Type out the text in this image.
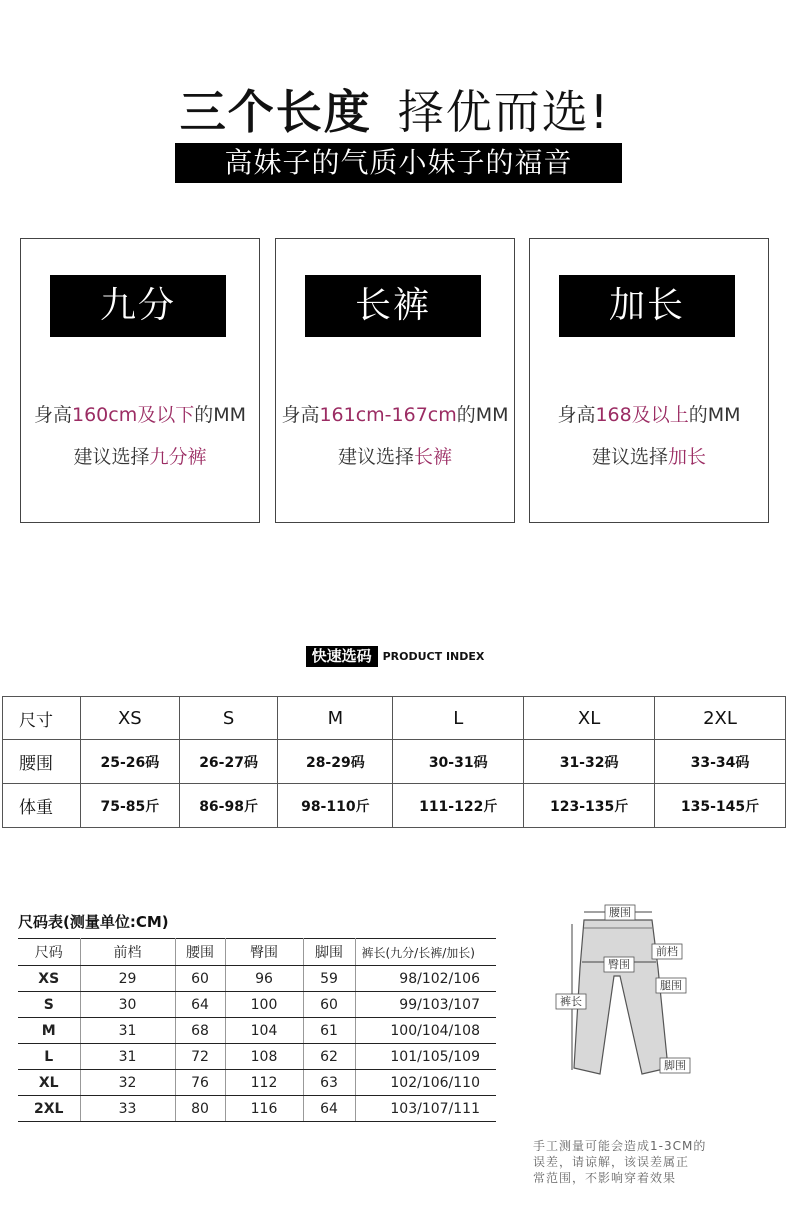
三个长度 择优而选!
高妹子的气质小妹子的福音
九分
身高160cm及以下的MM
建议选择九分裤
长裤
身高161cm-167cm的MM
建议选择长裤
加长
身高168及以上的MM
建议选择加长
快速选码 PRODUCT INDEX
尺寸	XS	S	M	L	XL	2XL
腰围	25-26码	26-27码	28-29码	30-31码	31-32码	33-34码
体重	75-85斤	86-98斤	98-110斤	111-122斤	123-135斤	135-145斤
尺码表(测量单位:CM)
尺码	前档	腰围	臀围	脚围	裤长(九分/长裤/加长)
XS	29	60	96	59	98/102/106
S	30	64	100	60	99/103/107
M	31	68	104	61	100/104/108
L	31	72	108	62	101/105/109
XL	32	76	112	63	102/106/110
2XL	33	80	116	64	103/107/111
腰围
前档
臀围
腿围
裤长
脚围
手工测量可能会造成1-3CM的
误差，请谅解，该误差属正
常范围，不影响穿着效果
